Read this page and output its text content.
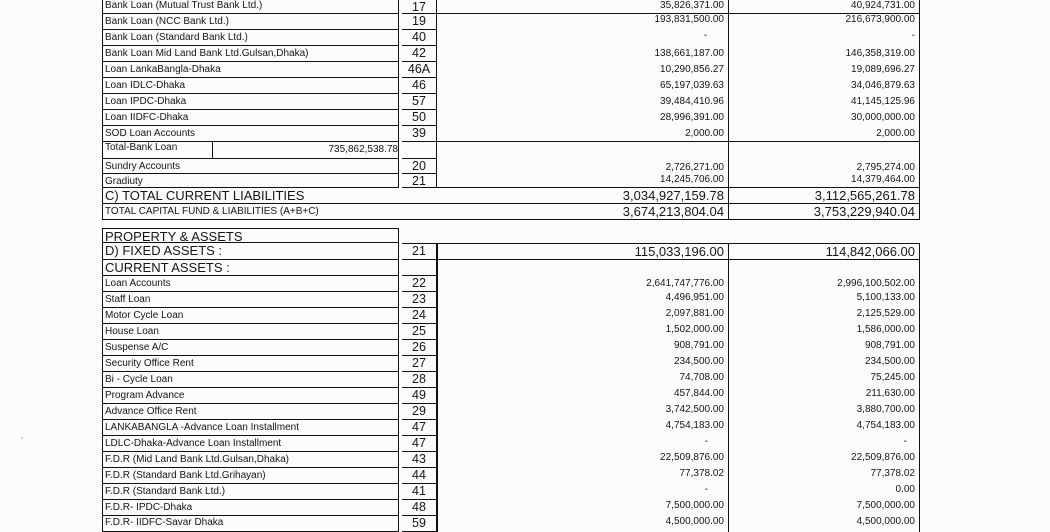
Bank Loan (Mutual Trust Bank Ltd.)	17	35,826,371.00	40,924,731.00
Bank Loan (NCC Bank Ltd.)	19	193,831,500.00	216,673,900.00
Bank Loan (Standard Bank Ltd.)	40	-	-
Bank Loan Mid Land Bank Ltd.Gulsan,Dhaka)	42	138,661,187.00	146,358,319.00
Loan LankaBangla-Dhaka	46A	10,290,856.27	19,089,696.27
Loan IDLC-Dhaka	46	65,197,039.63	34,046,879.63
Loan IPDC-Dhaka	57	39,484,410.96	41,145,125.96
Loan IIDFC-Dhaka	50	28,996,391.00	30,000,000.00
SOD Loan Accounts	39	2,000.00	2,000.00
Total-Bank Loan	735,862,538.78
Sundry Accounts	20	2,726,271.00	2,795,274.00
Gradiuty	21	14,245,706.00	14,379,464.00
C) TOTAL CURRENT LIABILITIES	3,034,927,159.78	3,112,565,261.78
TOTAL CAPITAL FUND & LIABILITIES (A+B+C)	3,674,213,804.04	3,753,229,940.04
PROPERTY & ASSETS
D) FIXED ASSETS :	21	115,033,196.00	114,842,066.00
CURRENT ASSETS :
Loan Accounts	22	2,641,747,776.00	2,996,100,502.00
Staff Loan	23	4,496,951.00	5,100,133.00
Motor Cycle Loan	24	2,097,881.00	2,125,529.00
House Loan	25	1,502,000.00	1,586,000.00
Suspense A/C	26	908,791.00	908,791.00
Security Office Rent	27	234,500.00	234,500.00
Bi - Cycle Loan	28	74,708.00	75,245.00
Program Advance	49	457,844.00	211,630.00
Advance Office Rent	29	3,742,500.00	3,880,700.00
LANKABANGLA -Advance Loan Installment	47	4,754,183.00	4,754,183.00
LDLC-Dhaka-Advance Loan Installment	47	-	-
F.D.R (Mid Land Bank Ltd.Gulsan,Dhaka)	43	22,509,876.00	22,509,876.00
F.D.R (Standard Bank Ltd.Grihayan)	44	77,378.02	77,378.02
F.D.R (Standard Bank Ltd.)	41	-	0.00
F.D.R- IPDC-Dhaka	48	7,500,000.00	7,500,000.00
F.D.R- IIDFC-Savar Dhaka	59	4,500,000.00	4,500,000.00
·
